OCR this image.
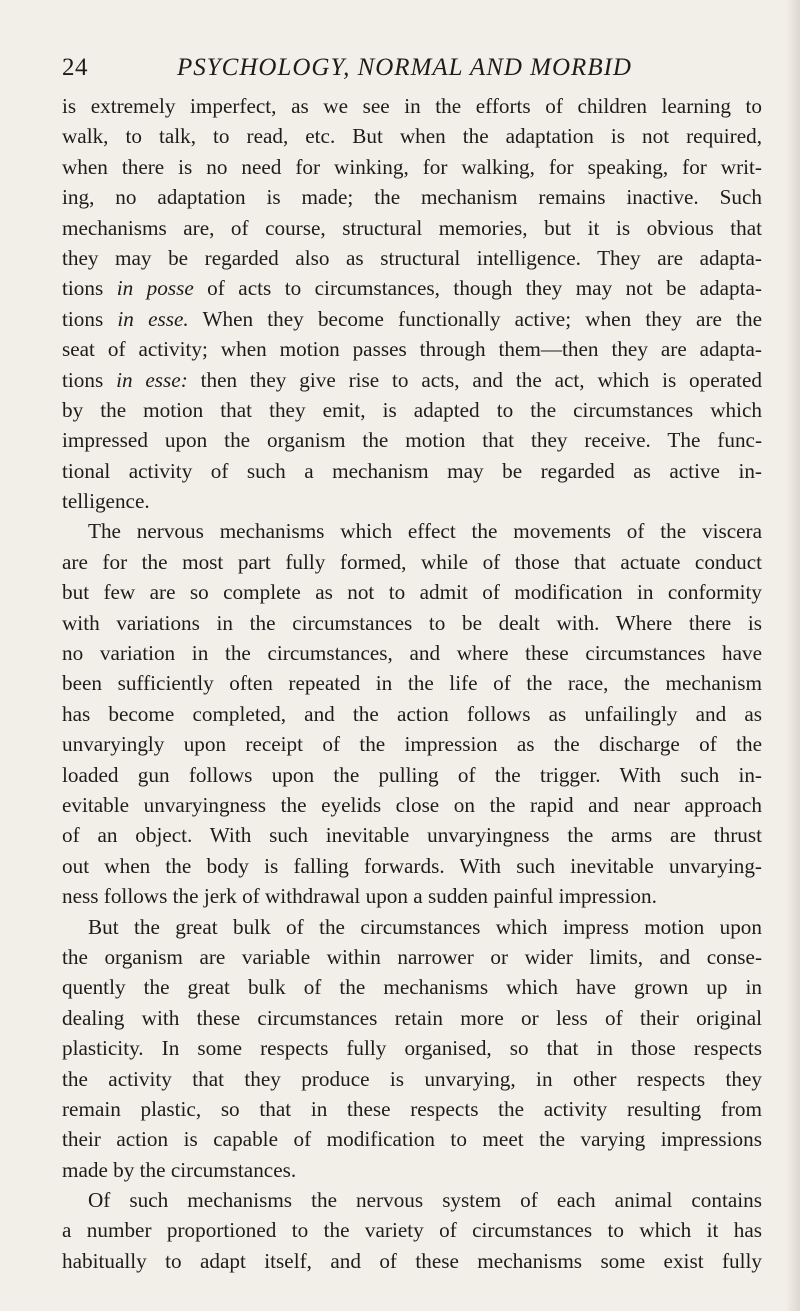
24	PSYCHOLOGY, NORMAL AND MORBID
is extremely imperfect, as we see in the efforts of children learning to
walk, to talk, to read, etc. But when the adaptation is not required,
when there is no need for winking, for walking, for speaking, for writ-
ing, no adaptation is made; the mechanism remains inactive. Such
mechanisms are, of course, structural memories, but it is obvious that
they may be regarded also as structural intelligence. They are adapta-
tions in posse of acts to circumstances, though they may not be adapta-
tions in esse. When they become functionally active; when they are the
seat of activity; when motion passes through them—then they are adapta-
tions in esse: then they give rise to acts, and the act, which is operated
by the motion that they emit, is adapted to the circumstances which
impressed upon the organism the motion that they receive. The func-
tional activity of such a mechanism may be regarded as active in-
telligence.
The nervous mechanisms which effect the movements of the viscera
are for the most part fully formed, while of those that actuate conduct
but few are so complete as not to admit of modification in conformity
with variations in the circumstances to be dealt with. Where there is
no variation in the circumstances, and where these circumstances have
been sufficiently often repeated in the life of the race, the mechanism
has become completed, and the action follows as unfailingly and as
unvaryingly upon receipt of the impression as the discharge of the
loaded gun follows upon the pulling of the trigger. With such in-
evitable unvaryingness the eyelids close on the rapid and near approach
of an object. With such inevitable unvaryingness the arms are thrust
out when the body is falling forwards. With such inevitable unvarying-
ness follows the jerk of withdrawal upon a sudden painful impression.
But the great bulk of the circumstances which impress motion upon
the organism are variable within narrower or wider limits, and conse-
quently the great bulk of the mechanisms which have grown up in
dealing with these circumstances retain more or less of their original
plasticity. In some respects fully organised, so that in those respects
the activity that they produce is unvarying, in other respects they
remain plastic, so that in these respects the activity resulting from
their action is capable of modification to meet the varying impressions
made by the circumstances.
Of such mechanisms the nervous system of each animal contains
a number proportioned to the variety of circumstances to which it has
habitually to adapt itself, and of these mechanisms some exist fully
